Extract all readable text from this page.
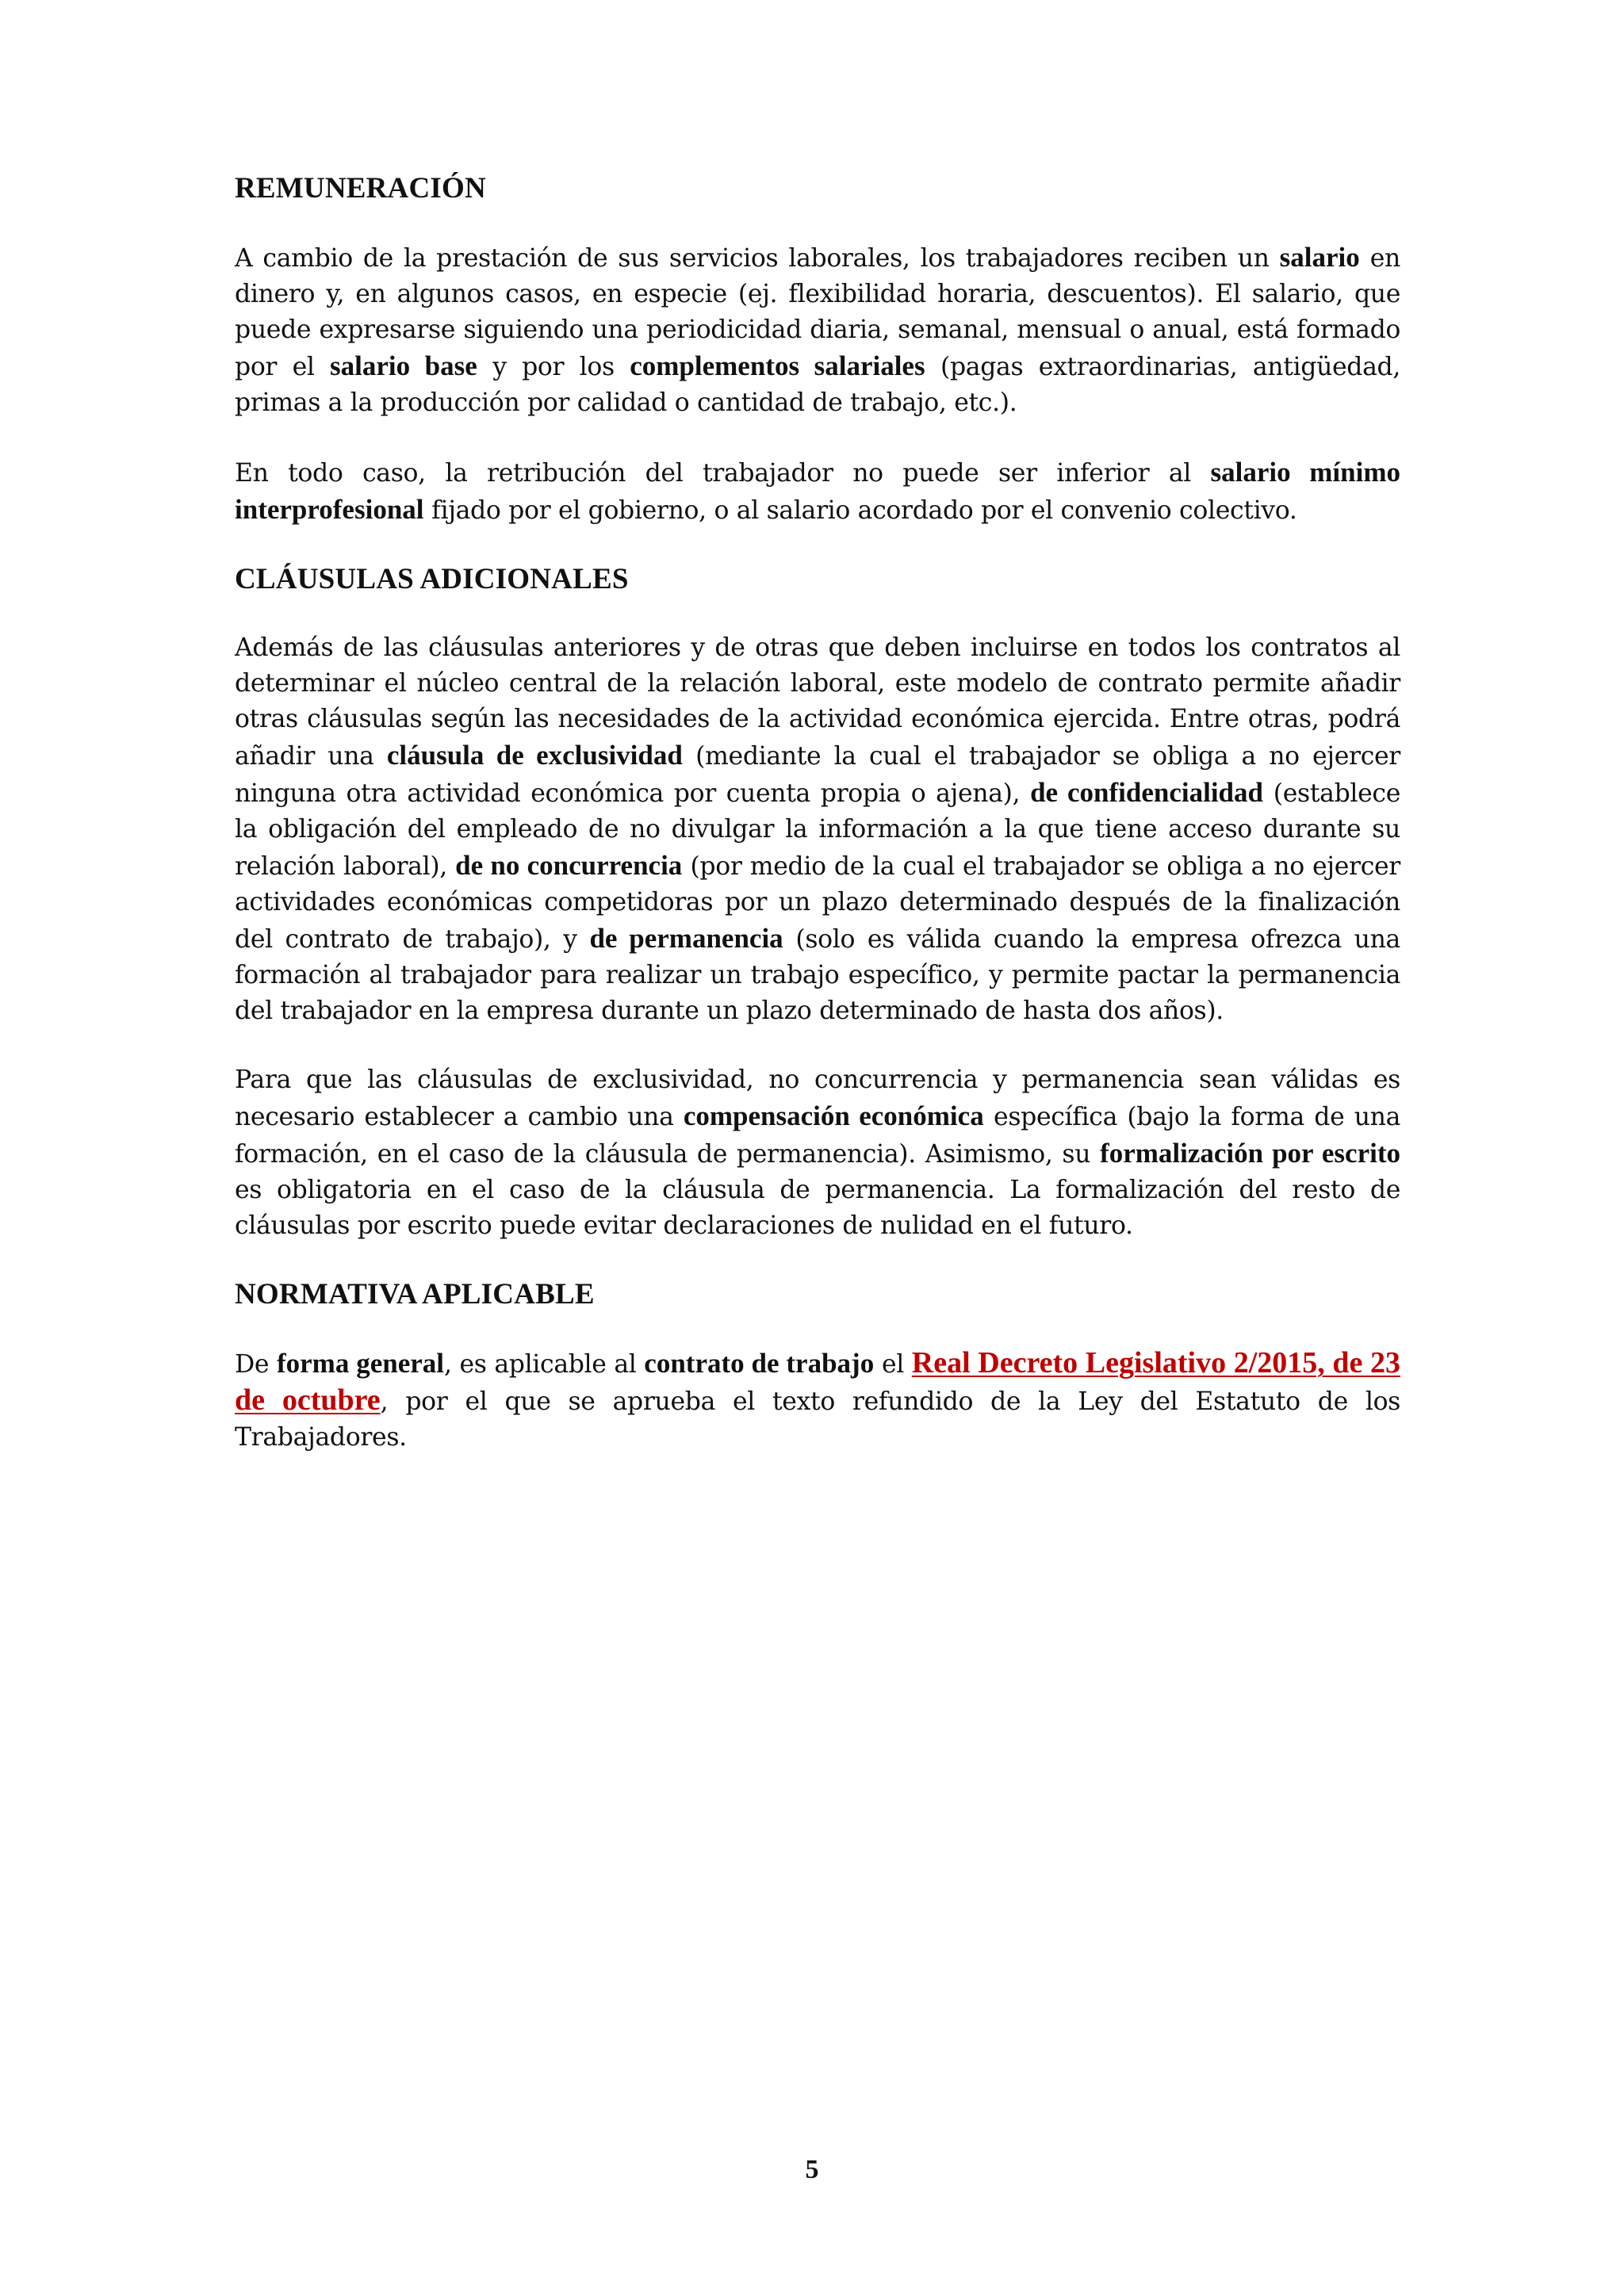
REMUNERACIÓN

A cambio de la prestación de sus servicios laborales, los trabajadores reciben un salario en dinero y, en algunos casos, en especie (ej. flexibilidad horaria, descuentos). El salario, que puede expresarse siguiendo una periodicidad diaria, semanal, mensual o anual, está formado por el salario base y por los complementos salariales (pagas extraordinarias, antigüedad, primas a la producción por calidad o cantidad de trabajo, etc.).

En todo caso, la retribución del trabajador no puede ser inferior al salario mínimo interprofesional fijado por el gobierno, o al salario acordado por el convenio colectivo.

CLÁUSULAS ADICIONALES

Además de las cláusulas anteriores y de otras que deben incluirse en todos los contratos al determinar el núcleo central de la relación laboral, este modelo de contrato permite añadir otras cláusulas según las necesidades de la actividad económica ejercida. Entre otras, podrá añadir una cláusula de exclusividad (mediante la cual el trabajador se obliga a no ejercer ninguna otra actividad económica por cuenta propia o ajena), de confidencialidad (establece la obligación del empleado de no divulgar la información a la que tiene acceso durante su relación laboral), de no concurrencia (por medio de la cual el trabajador se obliga a no ejercer actividades económicas competidoras por un plazo determinado después de la finalización del contrato de trabajo), y de permanencia (solo es válida cuando la empresa ofrezca una formación al trabajador para realizar un trabajo específico, y permite pactar la permanencia del trabajador en la empresa durante un plazo determinado de hasta dos años).

Para que las cláusulas de exclusividad, no concurrencia y permanencia sean válidas es necesario establecer a cambio una compensación económica específica (bajo la forma de una formación, en el caso de la cláusula de permanencia). Asimismo, su formalización por escrito es obligatoria en el caso de la cláusula de permanencia. La formalización del resto de cláusulas por escrito puede evitar declaraciones de nulidad en el futuro.

NORMATIVA APLICABLE

De forma general, es aplicable al contrato de trabajo el Real Decreto Legislativo 2/2015, de 23 de octubre, por el que se aprueba el texto refundido de la Ley del Estatuto de los Trabajadores.

5
